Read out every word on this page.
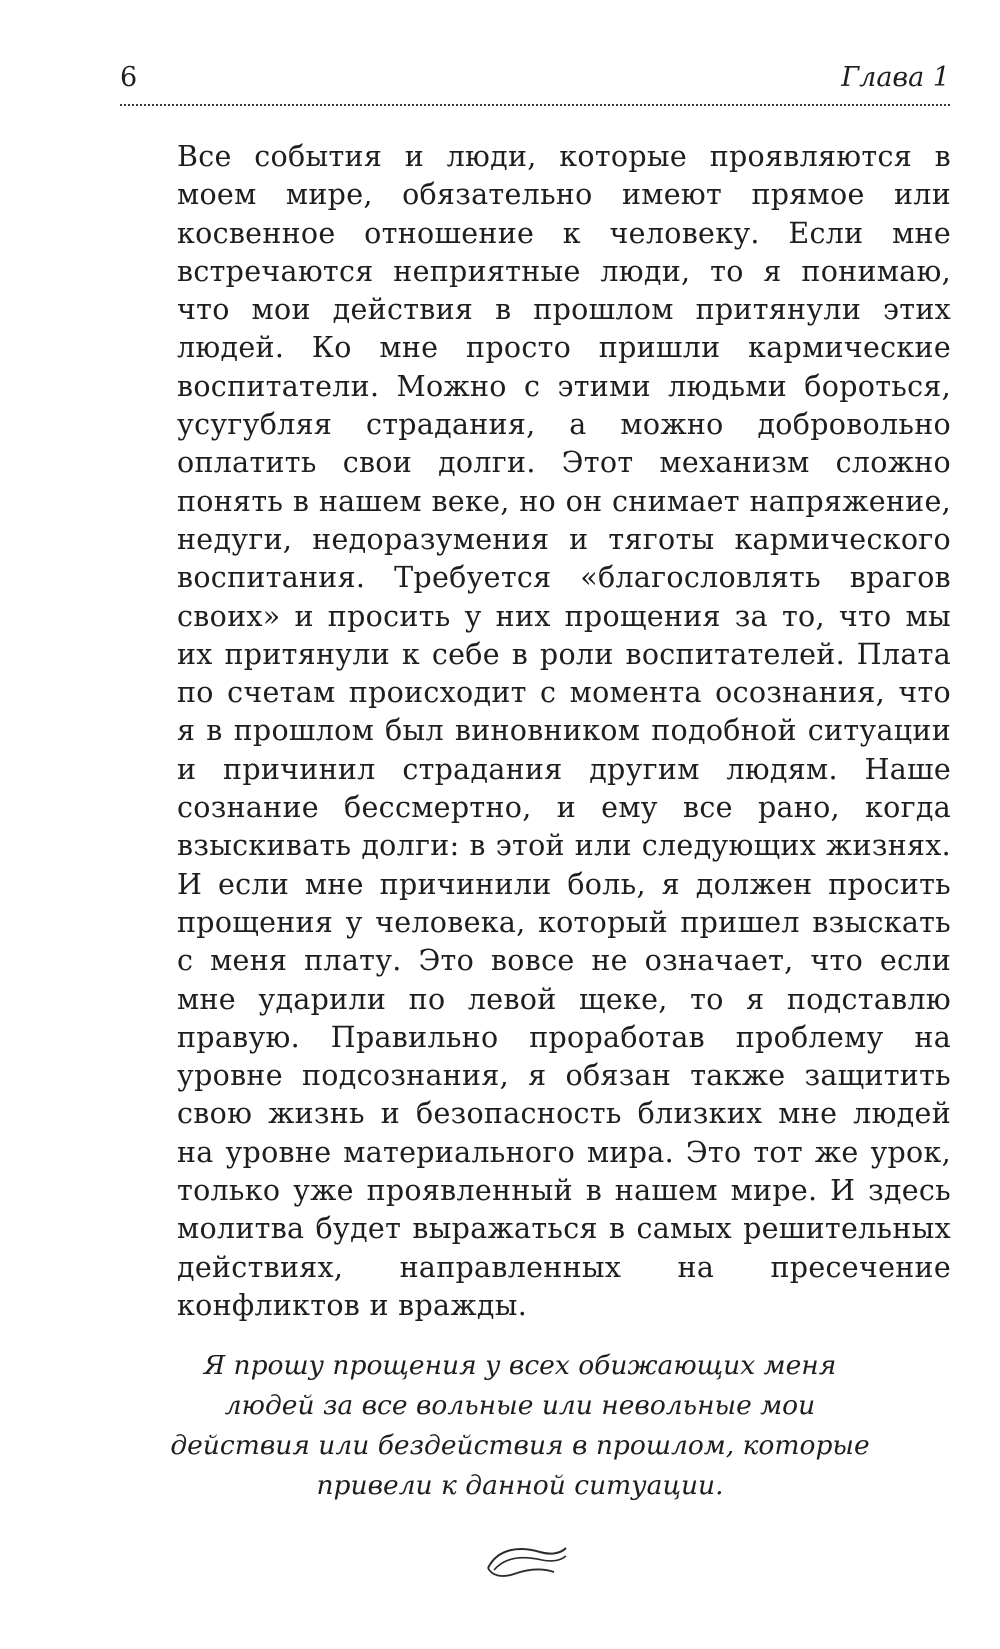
6	Глава 1

Все события и люди, которые проявляются в моем мире, обязательно имеют прямое или косвенное отношение к человеку. Если мне встречаются неприятные люди, то я понимаю, что мои действия в прошлом притянули этих людей. Ко мне просто пришли кармические воспитатели. Можно с этими людьми бороться, усугубляя страдания, а можно добровольно оплатить свои долги. Этот механизм сложно понять в нашем веке, но он снимает напряжение, недуги, недоразумения и тяготы кармического воспитания. Требуется «благословлять врагов своих» и просить у них прощения за то, что мы их притянули к себе в роли воспитателей. Плата по счетам происходит с момента осознания, что я в прошлом был виновником подобной ситуации и причинил страдания другим людям. Наше сознание бессмертно, и ему все рано, когда взыскивать долги: в этой или следующих жизнях. И если мне причинили боль, я должен просить прощения у человека, который пришел взыскать с меня плату. Это вовсе не означает, что если мне ударили по левой щеке, то я подставлю правую. Правильно проработав проблему на уровне подсознания, я обязан также защитить свою жизнь и безопасность близких мне людей на уровне материального мира. Это тот же урок, только уже проявленный в нашем мире. И здесь молитва будет выражаться в самых решительных действиях, направленных на пресечение конфликтов и вражды.

Я прошу прощения у всех обижающих меня
людей за все вольные или невольные мои
действия или бездействия в прошлом, которые
привели к данной ситуации.
